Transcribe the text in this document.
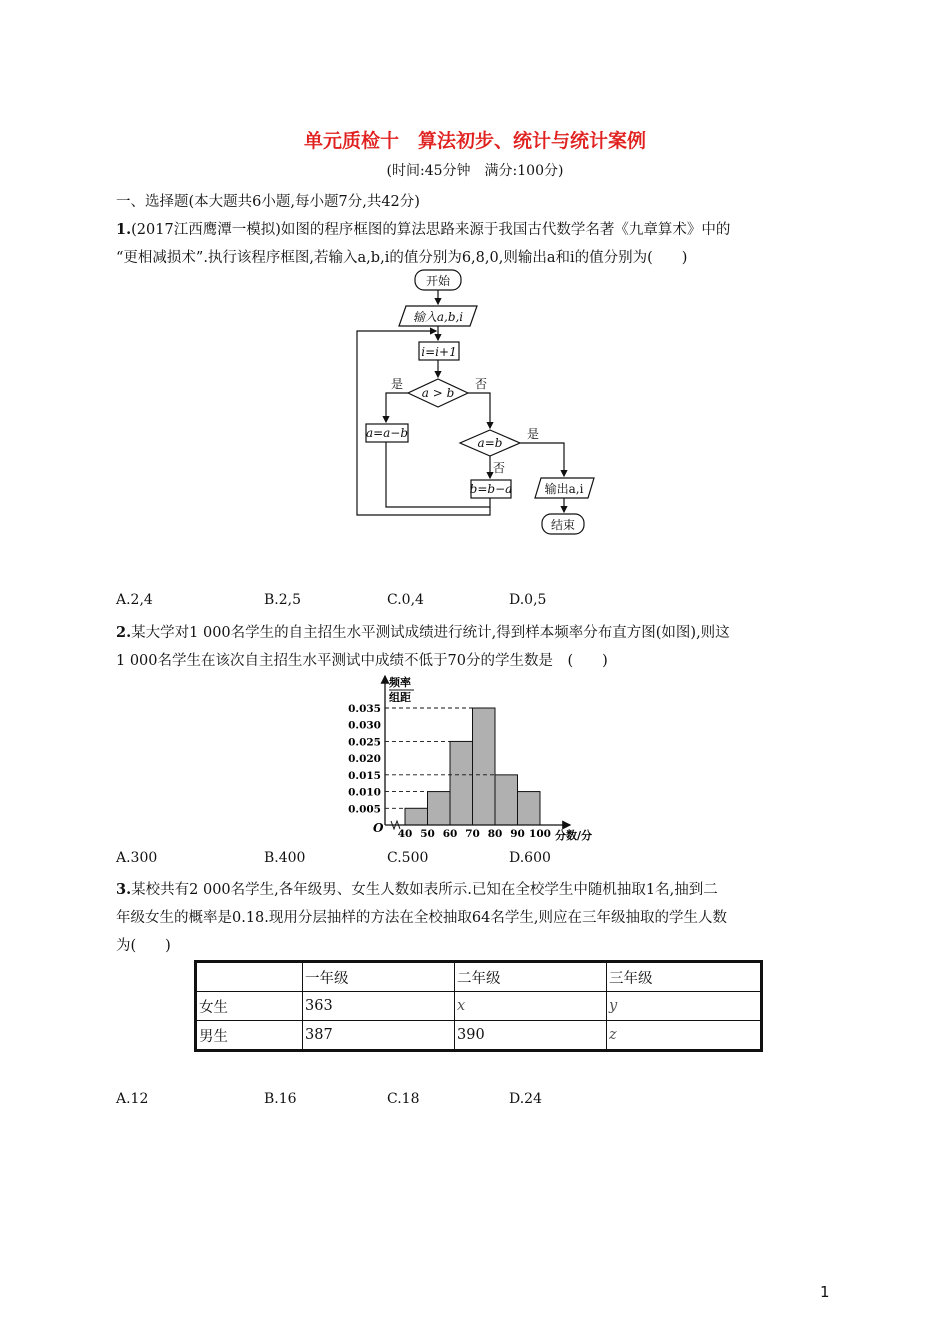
单元质检十　算法初步、统计与统计案例
(时间:45分钟　满分:100分)
一、选择题(本大题共6小题,每小题7分,共42分)
1.(2017江西鹰潭一模拟)如图的程序框图的算法思路来源于我国古代数学名著《九章算术》中的
“更相减损术”.执行该程序框图,若输入a,b,i的值分别为6,8,0,则输出a和i的值分别为(　　)
开始
输入a,b,i
i=i+1
a > b
是	否
a=a−b
a=b
是
否
b=b−a	输出a,i
结束
A.2,4	B.2,5	C.0,4	D.0,5
2.某大学对1 000名学生的自主招生水平测试成绩进行统计,得到样本频率分布直方图(如图),则这
1 000名学生在该次自主招生水平测试中成绩不低于70分的学生数是　(　　)
频率
组距
O
分数/分
0.035
0.030
0.025
0.020
0.015
0.010
0.005
40 50 60 70 80 90 100
A.300	B.400	C.500	D.600
3.某校共有2 000名学生,各年级男、女生人数如表所示.已知在全校学生中随机抽取1名,抽到二
年级女生的概率是0.18.现用分层抽样的方法在全校抽取64名学生,则应在三年级抽取的学生人数
为(　　)
	一年级	二年级	三年级
女生	363	x	y
男生	387	390	z
A.12	B.16	C.18	D.24
1
